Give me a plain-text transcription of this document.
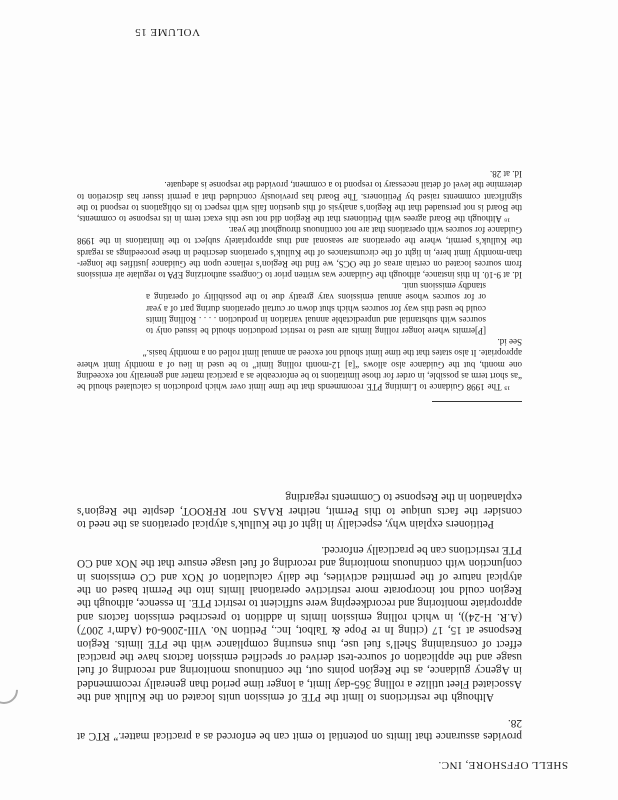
SHELL OFFSHORE, INC.

provides assurance that limits on potential to emit can be enforced as a practical matter.” RTC at 28.

Although the restrictions to limit the PTE of emission units located on the Kulluk and the Associated Fleet utilize a rolling 365-day limit, a longer time period than generally recommended in Agency guidance, as the Region points out, the continuous monitoring and recording of fuel usage and the application of source-test derived or specified emission factors have the practical effect of constraining Shell’s fuel use, thus ensuring compliance with the PTE limits. Region Response at 15, 17 (citing In re Pope & Talbot, Inc., Petition No. VIII-2006-04 (Adm’r 2007) (A.R. H-24)), in which rolling emission limits in addition to prescribed emission factors and appropriate monitoring and recordkeeping were sufficient to restrict PTE. In essence, although the Region could not incorporate more restrictive operational limits into the Permit based on the atypical nature of the permitted activities, the daily calculation of NOx and CO emissions in conjunction with continuous monitoring and recording of fuel usage ensure that the NOx and CO PTE restrictions can be practically enforced.

Petitioners explain why, especially in light of the Kulluk’s atypical operations as the need to consider the facts unique to this Permit, neither RAAS nor RFROOT, despite the Region’s explanation in the Response to Comments regarding

¹⁵ The 1998 Guidance to Limiting PTE recommends that the time limit over which production is calculated should be “as short term as possible, in order for those limitations to be enforceable as a practical matter and generally not exceeding one month, but the Guidance also allows “[a] 12-month rolling limit” to be used in lieu of a monthly limit where appropriate. It also states that the time limit should not exceed an annual limit rolled on a monthly basis.”

See id.

[P]ermits where longer rolling limits are used to restrict production should be issued only to sources with substantial and unpredictable annual variation in production . . . . Rolling limits could be used this way for sources which shut down or curtail operations during part of a year or for sources whose annual emissions vary greatly due to the possibility of operating a standby emissions unit.

Id. at 9-10. In this instance, although the Guidance was written prior to Congress authorizing EPA to regulate air emissions from sources located on certain areas of the OCS, we find the Region’s reliance upon the Guidance justifies the longer-than-monthly limit here, in light of the circumstances of the Kulluk’s operations described in these proceedings as regards the Kulluk’s permit, where the operations are seasonal and thus appropriately subject to the limitations in the 1998 Guidance for sources with operations that are not continuous throughout the year.

¹⁶ Although the Board agrees with Petitioners that the Region did not use this exact term in its response to comments, the Board is not persuaded that the Region’s analysis of this question fails with respect to its obligations to respond to the significant comments raised by Petitioners. The Board has previously concluded that a permit issuer has discretion to determine the level of detail necessary to respond to a comment, provided the response is adequate.

Id. at 28.

VOLUME 15
